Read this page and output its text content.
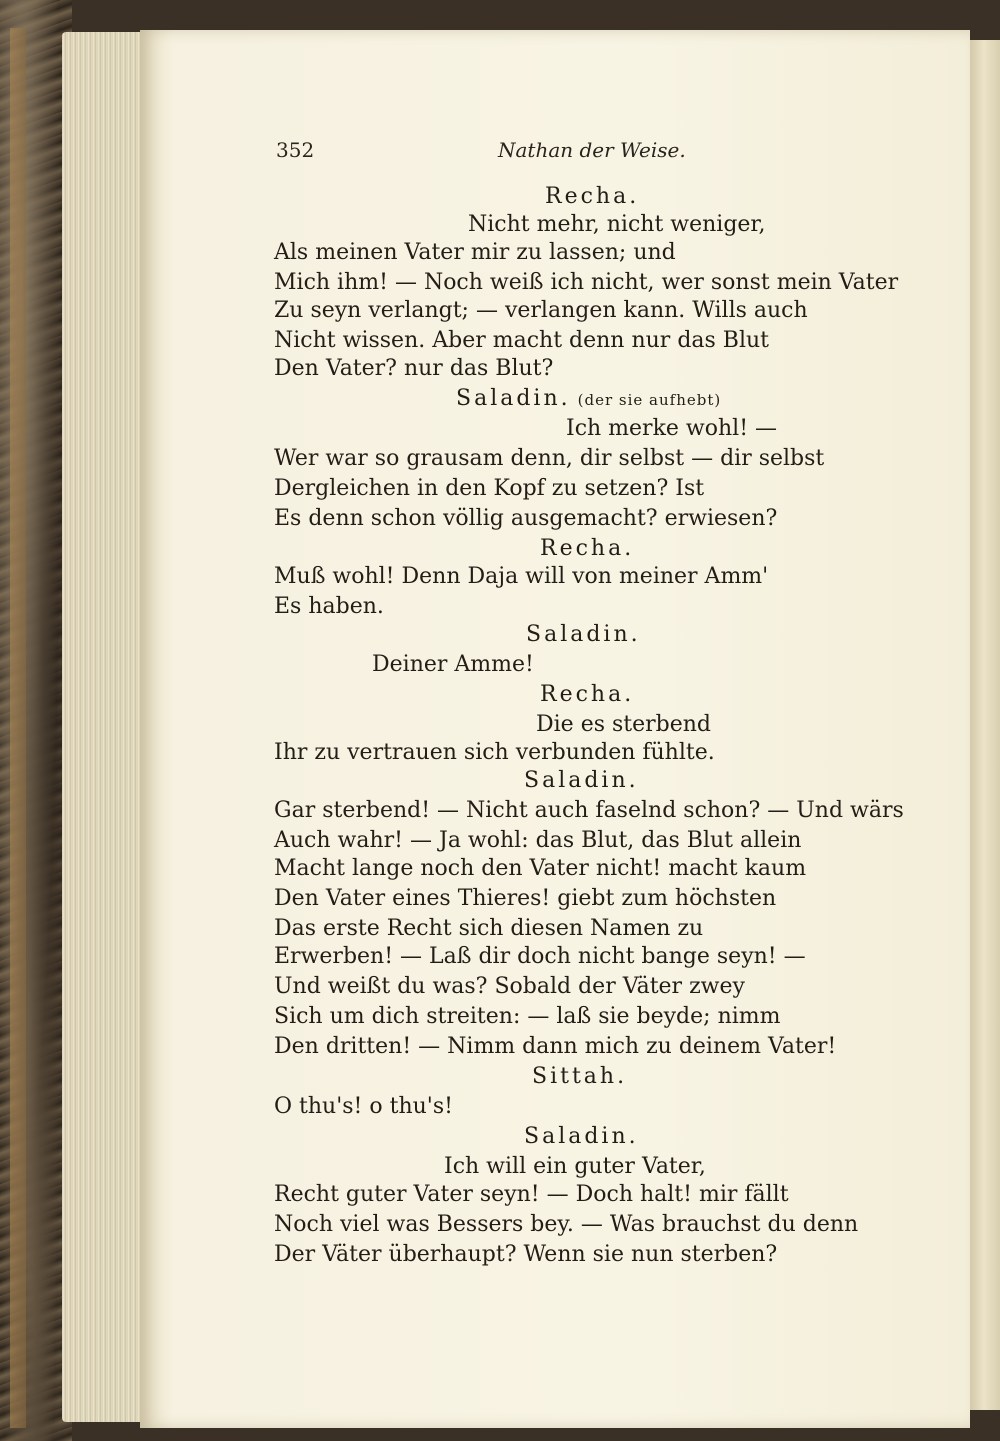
352	Nathan der Weise.
Recha.
Nicht mehr, nicht weniger,
Als meinen Vater mir zu lassen; und
Mich ihm! — Noch weiß ich nicht, wer sonst mein Vater
Zu seyn verlangt; — verlangen kann. Wills auch
Nicht wissen. Aber macht denn nur das Blut
Den Vater? nur das Blut?
Saladin. (der sie aufhebt)
Ich merke wohl! —
Wer war so grausam denn, dir selbst — dir selbst
Dergleichen in den Kopf zu setzen? Ist
Es denn schon völlig ausgemacht? erwiesen?
Recha.
Muß wohl! Denn Daja will von meiner Amm'
Es haben.
Saladin.
Deiner Amme!
Recha.
Die es sterbend
Ihr zu vertrauen sich verbunden fühlte.
Saladin.
Gar sterbend! — Nicht auch faselnd schon? — Und wärs
Auch wahr! — Ja wohl: das Blut, das Blut allein
Macht lange noch den Vater nicht! macht kaum
Den Vater eines Thieres! giebt zum höchsten
Das erste Recht sich diesen Namen zu
Erwerben! — Laß dir doch nicht bange seyn! —
Und weißt du was? Sobald der Väter zwey
Sich um dich streiten: — laß sie beyde; nimm
Den dritten! — Nimm dann mich zu deinem Vater!
Sittah.
O thu's! o thu's!
Saladin.
Ich will ein guter Vater,
Recht guter Vater seyn! — Doch halt! mir fällt
Noch viel was Bessers bey. — Was brauchst du denn
Der Väter überhaupt? Wenn sie nun sterben?
